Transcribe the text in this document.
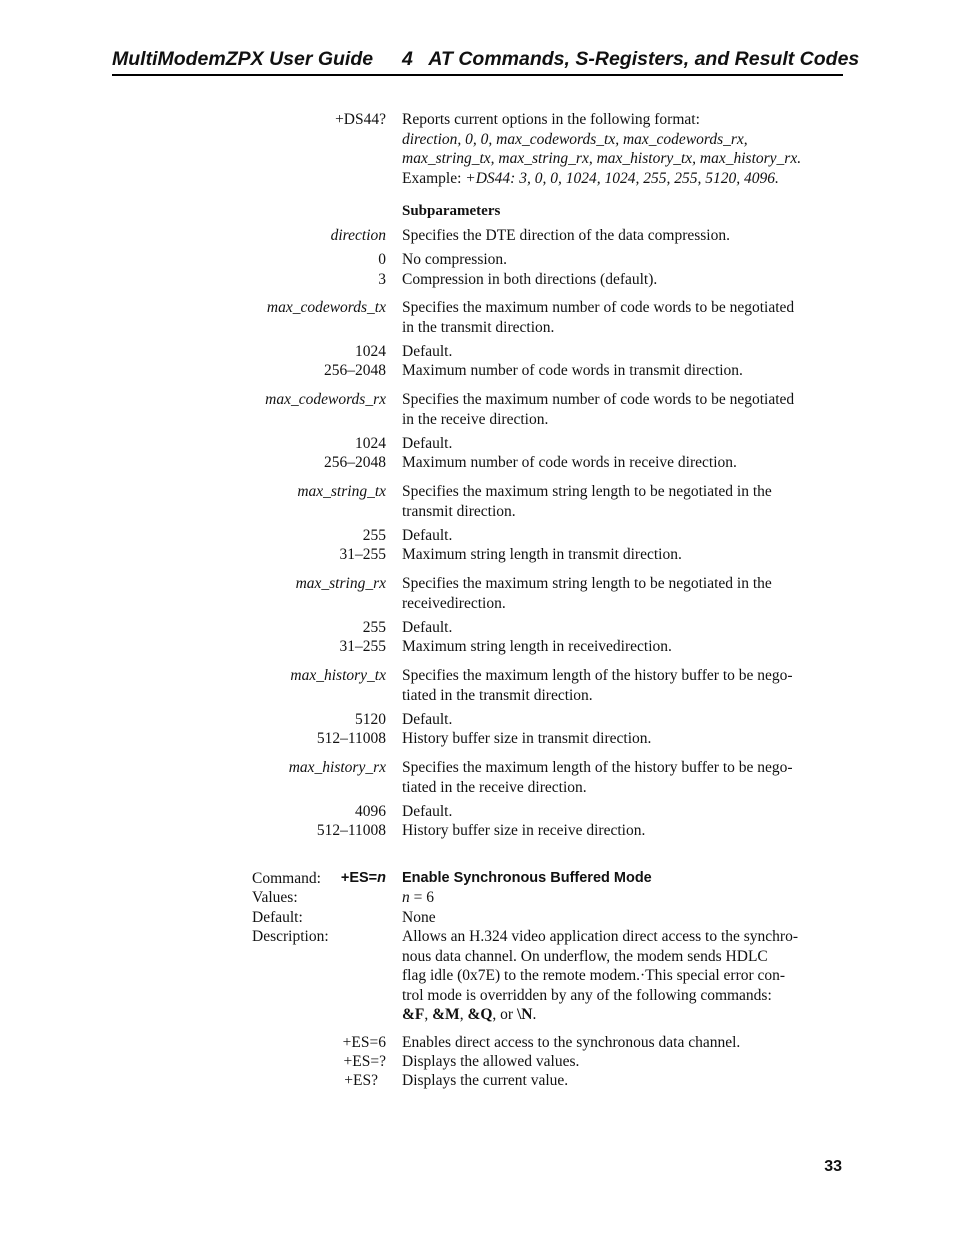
MultiModemZPX User Guide 4   AT Commands, S-Registers, and Result Codes
+DS44? Reports current options in the following format:
direction, 0, 0, max_codewords_tx, max_codewords_rx,
max_string_tx, max_string_rx, max_history_tx, max_history_rx.
Example: +DS44: 3, 0, 0, 1024, 1024, 255, 255, 5120, 4096.
Subparameters
direction Specifies the DTE direction of the data compression.
0 No compression.
3 Compression in both directions (default).
max_codewords_tx Specifies the maximum number of code words to be negotiated
in the transmit direction.
1024 Default.
256–2048 Maximum number of code words in transmit direction.
max_codewords_rx Specifies the maximum number of code words to be negotiated
in the receive direction.
1024 Default.
256–2048 Maximum number of code words in receive direction.
max_string_tx Specifies the maximum string length to be negotiated in the
transmit direction.
255 Default.
31–255 Maximum string length in transmit direction.
max_string_rx Specifies the maximum string length to be negotiated in the
receivedirection.
255 Default.
31–255 Maximum string length in receivedirection.
max_history_tx Specifies the maximum length of the history buffer to be nego-
tiated in the transmit direction.
5120 Default.
512–11008 History buffer size in transmit direction.
max_history_rx Specifies the maximum length of the history buffer to be nego-
tiated in the receive direction.
4096 Default.
512–11008 History buffer size in receive direction.
Command: +ES=n Enable Synchronous Buffered Mode
Values:	n = 6
Default:	None
Description:	Allows an H.324 video application direct access to the synchro-
nous data channel. On underflow, the modem sends HDLC
flag idle (0x7E) to the remote modem.·This special error con-
trol mode is overridden by any of the following commands:
&F, &M, &Q, or \N.
+ES=6 Enables direct access to the synchronous data channel.
+ES=? Displays the allowed values.
+ES? Displays the current value.
33
